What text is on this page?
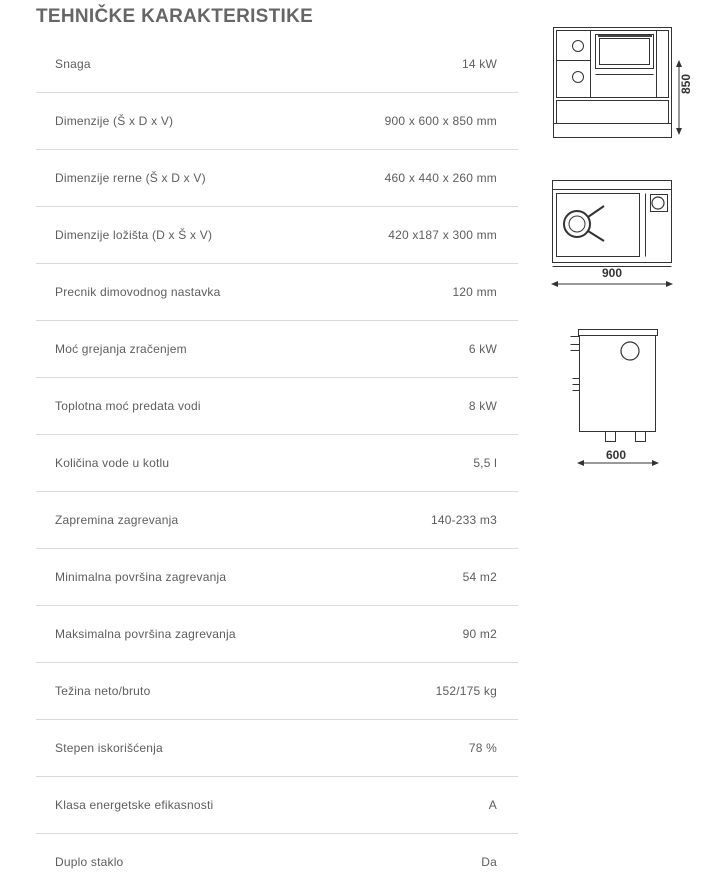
TEHNIČKE KARAKTERISTIKE
Snaga	14 kW
Dimenzije (Š x D x V)	900 x 600 x 850 mm
Dimenzije rerne (Š x D x V)	460 x 440 x 260 mm
Dimenzije ložišta (D x Š x V)	420 x187 x 300 mm
Precnik dimovodnog nastavka	120 mm
Moć grejanja zračenjem	6 kW
Toplotna moć predata vodi	8 kW
Količina vode u kotlu	5,5 l
Zapremina zagrevanja	140-233 m3
Minimalna površina zagrevanja	54 m2
Maksimalna površina zagrevanja	90 m2
Težina neto/bruto	152/175 kg
Stepen iskorišćenja	78 %
Klasa energetske efikasnosti	A
Duplo staklo	Da
850
900
600
